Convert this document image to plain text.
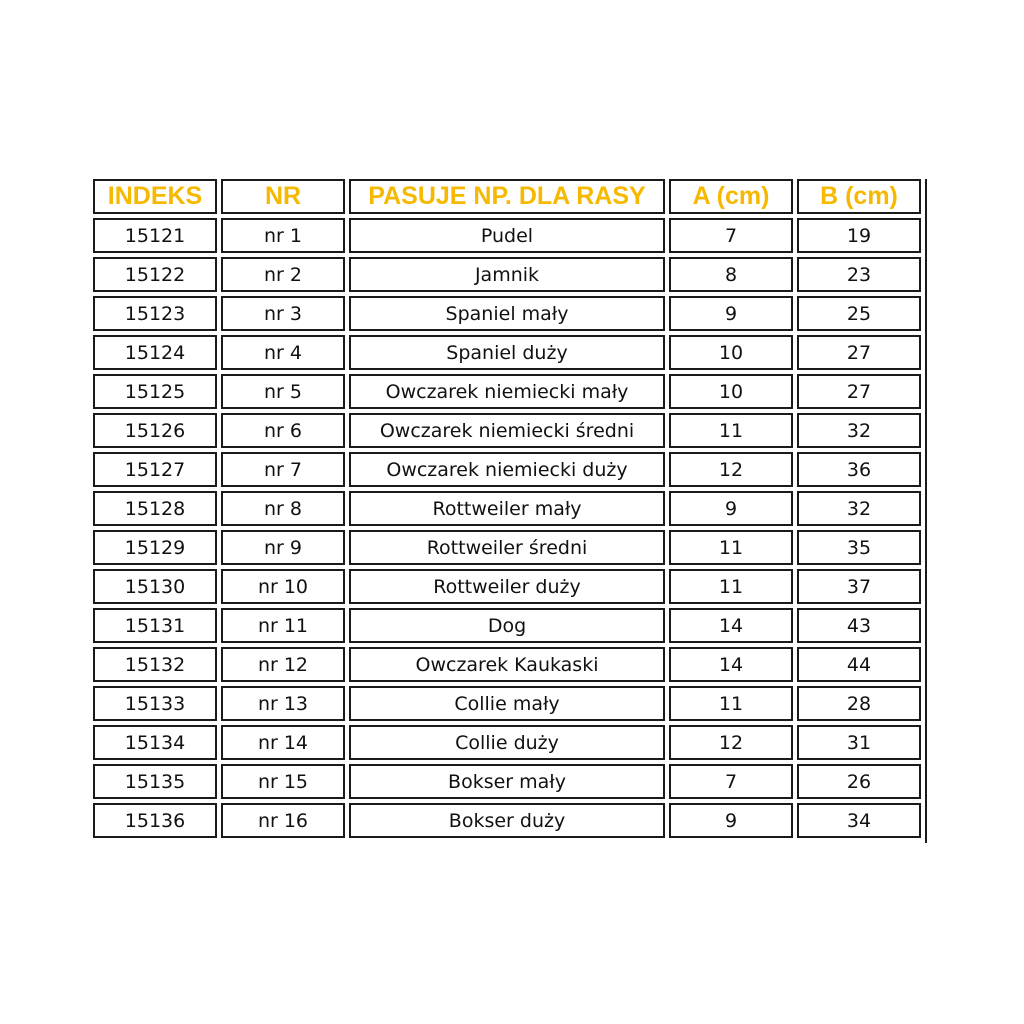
INDEKS	NR	PASUJE NP. DLA RASY	A (cm)	B (cm)
15121	nr 1	Pudel	7	19
15122	nr 2	Jamnik	8	23
15123	nr 3	Spaniel mały	9	25
15124	nr 4	Spaniel duży	10	27
15125	nr 5	Owczarek niemiecki mały	10	27
15126	nr 6	Owczarek niemiecki średni	11	32
15127	nr 7	Owczarek niemiecki duży	12	36
15128	nr 8	Rottweiler mały	9	32
15129	nr 9	Rottweiler średni	11	35
15130	nr 10	Rottweiler duży	11	37
15131	nr 11	Dog	14	43
15132	nr 12	Owczarek Kaukaski	14	44
15133	nr 13	Collie mały	11	28
15134	nr 14	Collie duży	12	31
15135	nr 15	Bokser mały	7	26
15136	nr 16	Bokser duży	9	34
